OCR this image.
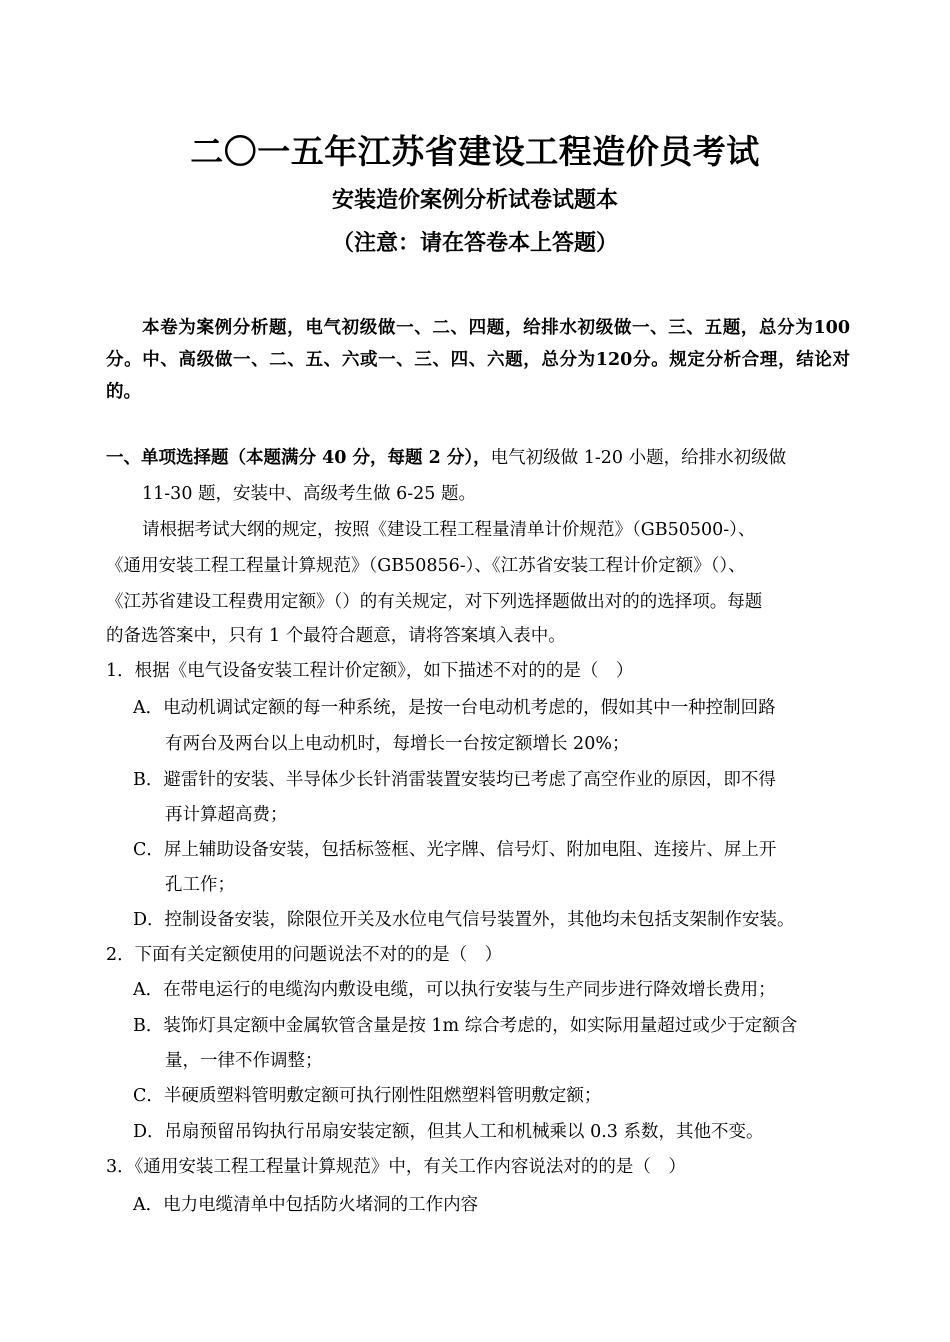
二〇一五年江苏省建设工程造价员考试
安装造价案例分析试卷试题本
（注意：请在答卷本上答题）
本卷为案例分析题，电气初级做一、二、四题，给排水初级做一、三、五题，总分为100分。中、高级做一、二、五、六或一、三、四、六题，总分为120分。规定分析合理，结论对的。
一、单项选择题（本题满分 40 分，每题 2 分），电气初级做 1-20 小题，给排水初级做
11-30 题，安装中、高级考生做 6-25 题。
请根据考试大纲的规定，按照《建设工程工程量清单计价规范》（GB50500-）、
《通用安装工程工程量计算规范》（GB50856-）、《江苏省安装工程计价定额》（）、
《江苏省建设工程费用定额》（）的有关规定，对下列选择题做出对的的选择项。每题
的备选答案中，只有 1 个最符合题意，请将答案填入表中。
1．根据《电气设备安装工程计价定额》，如下描述不对的的是（　）
A．电动机调试定额的每一种系统，是按一台电动机考虑的，假如其中一种控制回路
有两台及两台以上电动机时，每增长一台按定额增长 20%；
B．避雷针的安装、半导体少长针消雷装置安装均已考虑了高空作业的原因，即不得
再计算超高费；
C．屏上辅助设备安装，包括标签框、光字牌、信号灯、附加电阻、连接片、屏上开
孔工作；
D．控制设备安装，除限位开关及水位电气信号装置外，其他均未包括支架制作安装。
2．下面有关定额使用的问题说法不对的的是（　）
A．在带电运行的电缆沟内敷设电缆，可以执行安装与生产同步进行降效增长费用；
B．装饰灯具定额中金属软管含量是按 1m 综合考虑的，如实际用量超过或少于定额含
量，一律不作调整；
C．半硬质塑料管明敷定额可执行刚性阻燃塑料管明敷定额；
D．吊扇预留吊钩执行吊扇安装定额，但其人工和机械乘以 0.3 系数，其他不变。
3．《通用安装工程工程量计算规范》中，有关工作内容说法对的的是（　）
A．电力电缆清单中包括防火堵洞的工作内容
